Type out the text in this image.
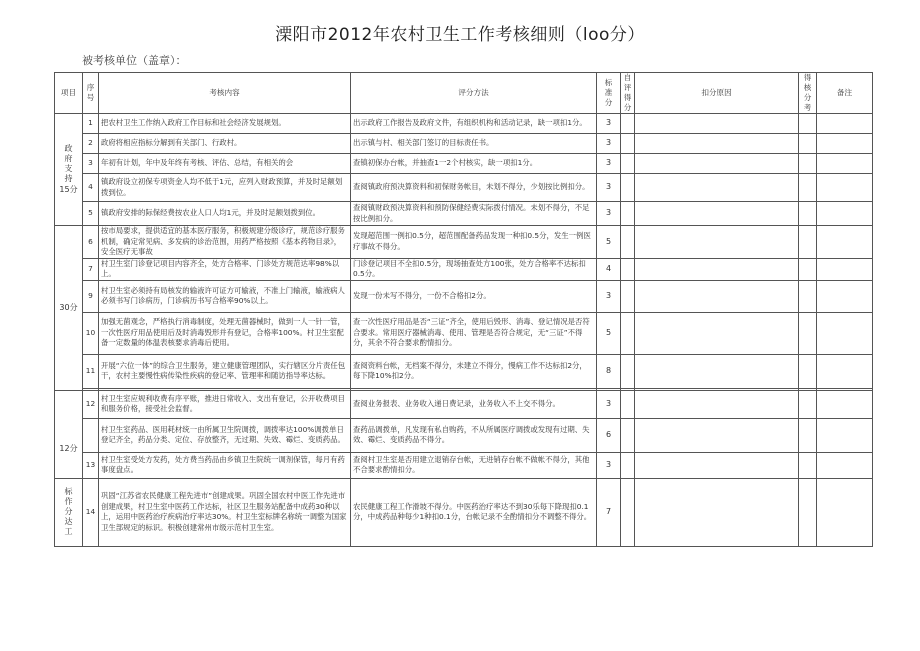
溧阳市2012年农村卫生工作考核细则（loo分）
被考核单位（盖章）：
项目	序号	考核内容	评分方法	标准分	自评得分	扣分原因	得核分考	备注

政府支持
15分	1	把农村卫生工作纳入政府工作目标和社会经济发展规划。	出示政府工作报告及政府文件，有组织机构和活动记录，缺一项扣1分。	3				
	2	政府将相应指标分解到有关部门、行政村。	出示镇与村、相关部门签订的目标责任书。	3				
	3	年初有计划，年中及年终有考核、评估、总结，有相关的会	查镇初保办台帐，并抽查1一2个村核实，缺一项扣1分。	3				
	4	镇政府设立初保专项资金人均不低于1元，应列入财政预算，并及时足额划拨到位。	查阅镇政府预决算资料和初保财务帐目，未划不得分，少划按比例扣分。	3				
	5	镇政府安排的际保经费按农业人口人均1元，并及时足额划拨到位。	查阅镇财政预决算资料和预防保健经费实际拨付情况。未划不得分，不足按比例扣分。	3				
30分	6	按市局要求，提供适宜的基本医疗服务，积极规建分级诊疗，规范诊疗服务机制，确定常见病、多发病的诊治范围，用药严格按照《基本药物目录》，安全医疗无事故	发现超范围一例扣0.5分，超范围配备药品发现一种扣0.5分，发生一例医疗事故不得分。	5				
	7	村卫生室门诊登记项目内容齐全，处方合格率、门诊处方规范达率98%以上。	门诊登记项目不全扣0.5分，现场抽查处方100张，处方合格率不达标扣0.5分。	4				
	9	村卫生室必须持有局核发的输液许可证方可输液，不准上门输液，输液病人必须书写门诊病历，门诊病历书写合格率90%以上。	发现一份未写不得分，一份不合格扣2分。	3				
	10	加强无菌观念，严格执行消毒制度，处理无菌器械时，做到一人一针一管，一次性医疗用品使用后及时消毒毁形并有登记，合格率100%。村卫生室配备一定数量的体温表核要求消毒后使用。	查一次性医疗用品是否“三证”齐全，使用后毁形、消毒、登记情况是否符合要求。常用医疗器械消毒、使用、管理是否符合规定，无“三证”不得分，其余不符合要求酌情扣分。	5				
	11	开展“六位一体”的综合卫生服务，建立健康管理团队，实行辖区分片责任包干，农村主要慢性病传染性疾病的登记率、管理率和随访指导率达标。	查阅资料台帐，无档案不得分，未建立不得分，慢病工作不达标扣2分，每下降10%扣2分。	8				

12分	12	村卫生室应规利收费有序平账，推进日常收入、支出有登记，公开收费项目和服务价格，接受社会监督。	查阅业务报表、业务收入递日费记录，业务收入不上交不得分。	3				
		村卫生室药品、医用耗材统一由所属卫生院调拨，调拨率达100%调拨单日登记齐全，药品分类、定位、存放整齐，无过期、失效、霉烂、变质药品。	查药品调拨单，凡发现有私自购药，不从所属医疗调拨或发现有过期、失效、霉烂、变质药品不得分。	6				
	13	村卫生室受处方发药，处方费当药品由乡镇卫生院统一调剂保管，每月有药事度盘点。	查阅村卫生室是否用建立退销存台帐，无进销存台帐不做帐不得分，其他不合要求酌情扣分。	3				

标作分达工	14	巩固“江苏省农民健康工程先进市”创建成果。巩固全国农村中医工作先进市创建成果，村卫生室中医药工作达标，社区卫生服务站配备中成药30种以上，运用中医药治疗疾病治疗率达30%。村卫生室标牌名称统一调整为国家卫生部规定的标识。积极创建常州市级示范村卫生室。	农民健康工程工作滑坡不得分。中医药治疗率达不到30乐每下降现扣0.1分，中成药品种每少1种扣0.1分，台帐记录不全酌情扣分不调整不得分。	7				
